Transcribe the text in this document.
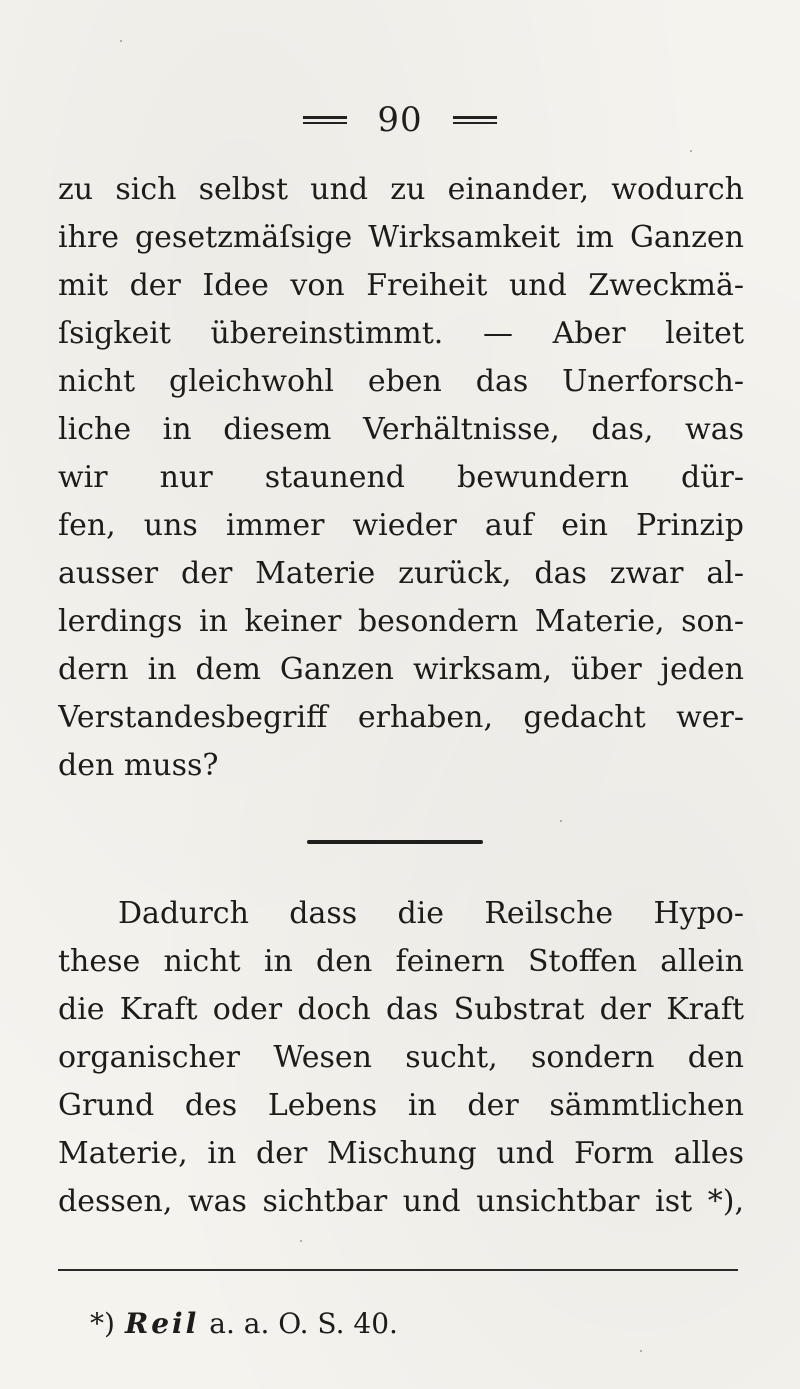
90
zu sich selbst und zu einander, wodurch
ihre gesetzmäſsige Wirksamkeit im Ganzen
mit der Idee von Freiheit und Zweckmä-
ſsigkeit übereinstimmt. — Aber leitet
nicht gleichwohl eben das Unerforsch-
liche in diesem Verhältnisse, das, was
wir nur staunend bewundern dür-
fen, uns immer wieder auf ein Prinzip
ausser der Materie zurück, das zwar al-
lerdings in keiner besondern Materie, son-
dern in dem Ganzen wirksam, über jeden
Verstandesbegriff erhaben, gedacht wer-
den muss?
Dadurch dass die Reilsche Hypo-
these nicht in den feinern Stoffen allein
die Kraft oder doch das Substrat der Kraft
organischer Wesen sucht, sondern den
Grund des Lebens in der sämmtlichen
Materie, in der Mischung und Form alles
dessen, was sichtbar und unsichtbar ist *),
*) Reil a. a. O. S. 40.
